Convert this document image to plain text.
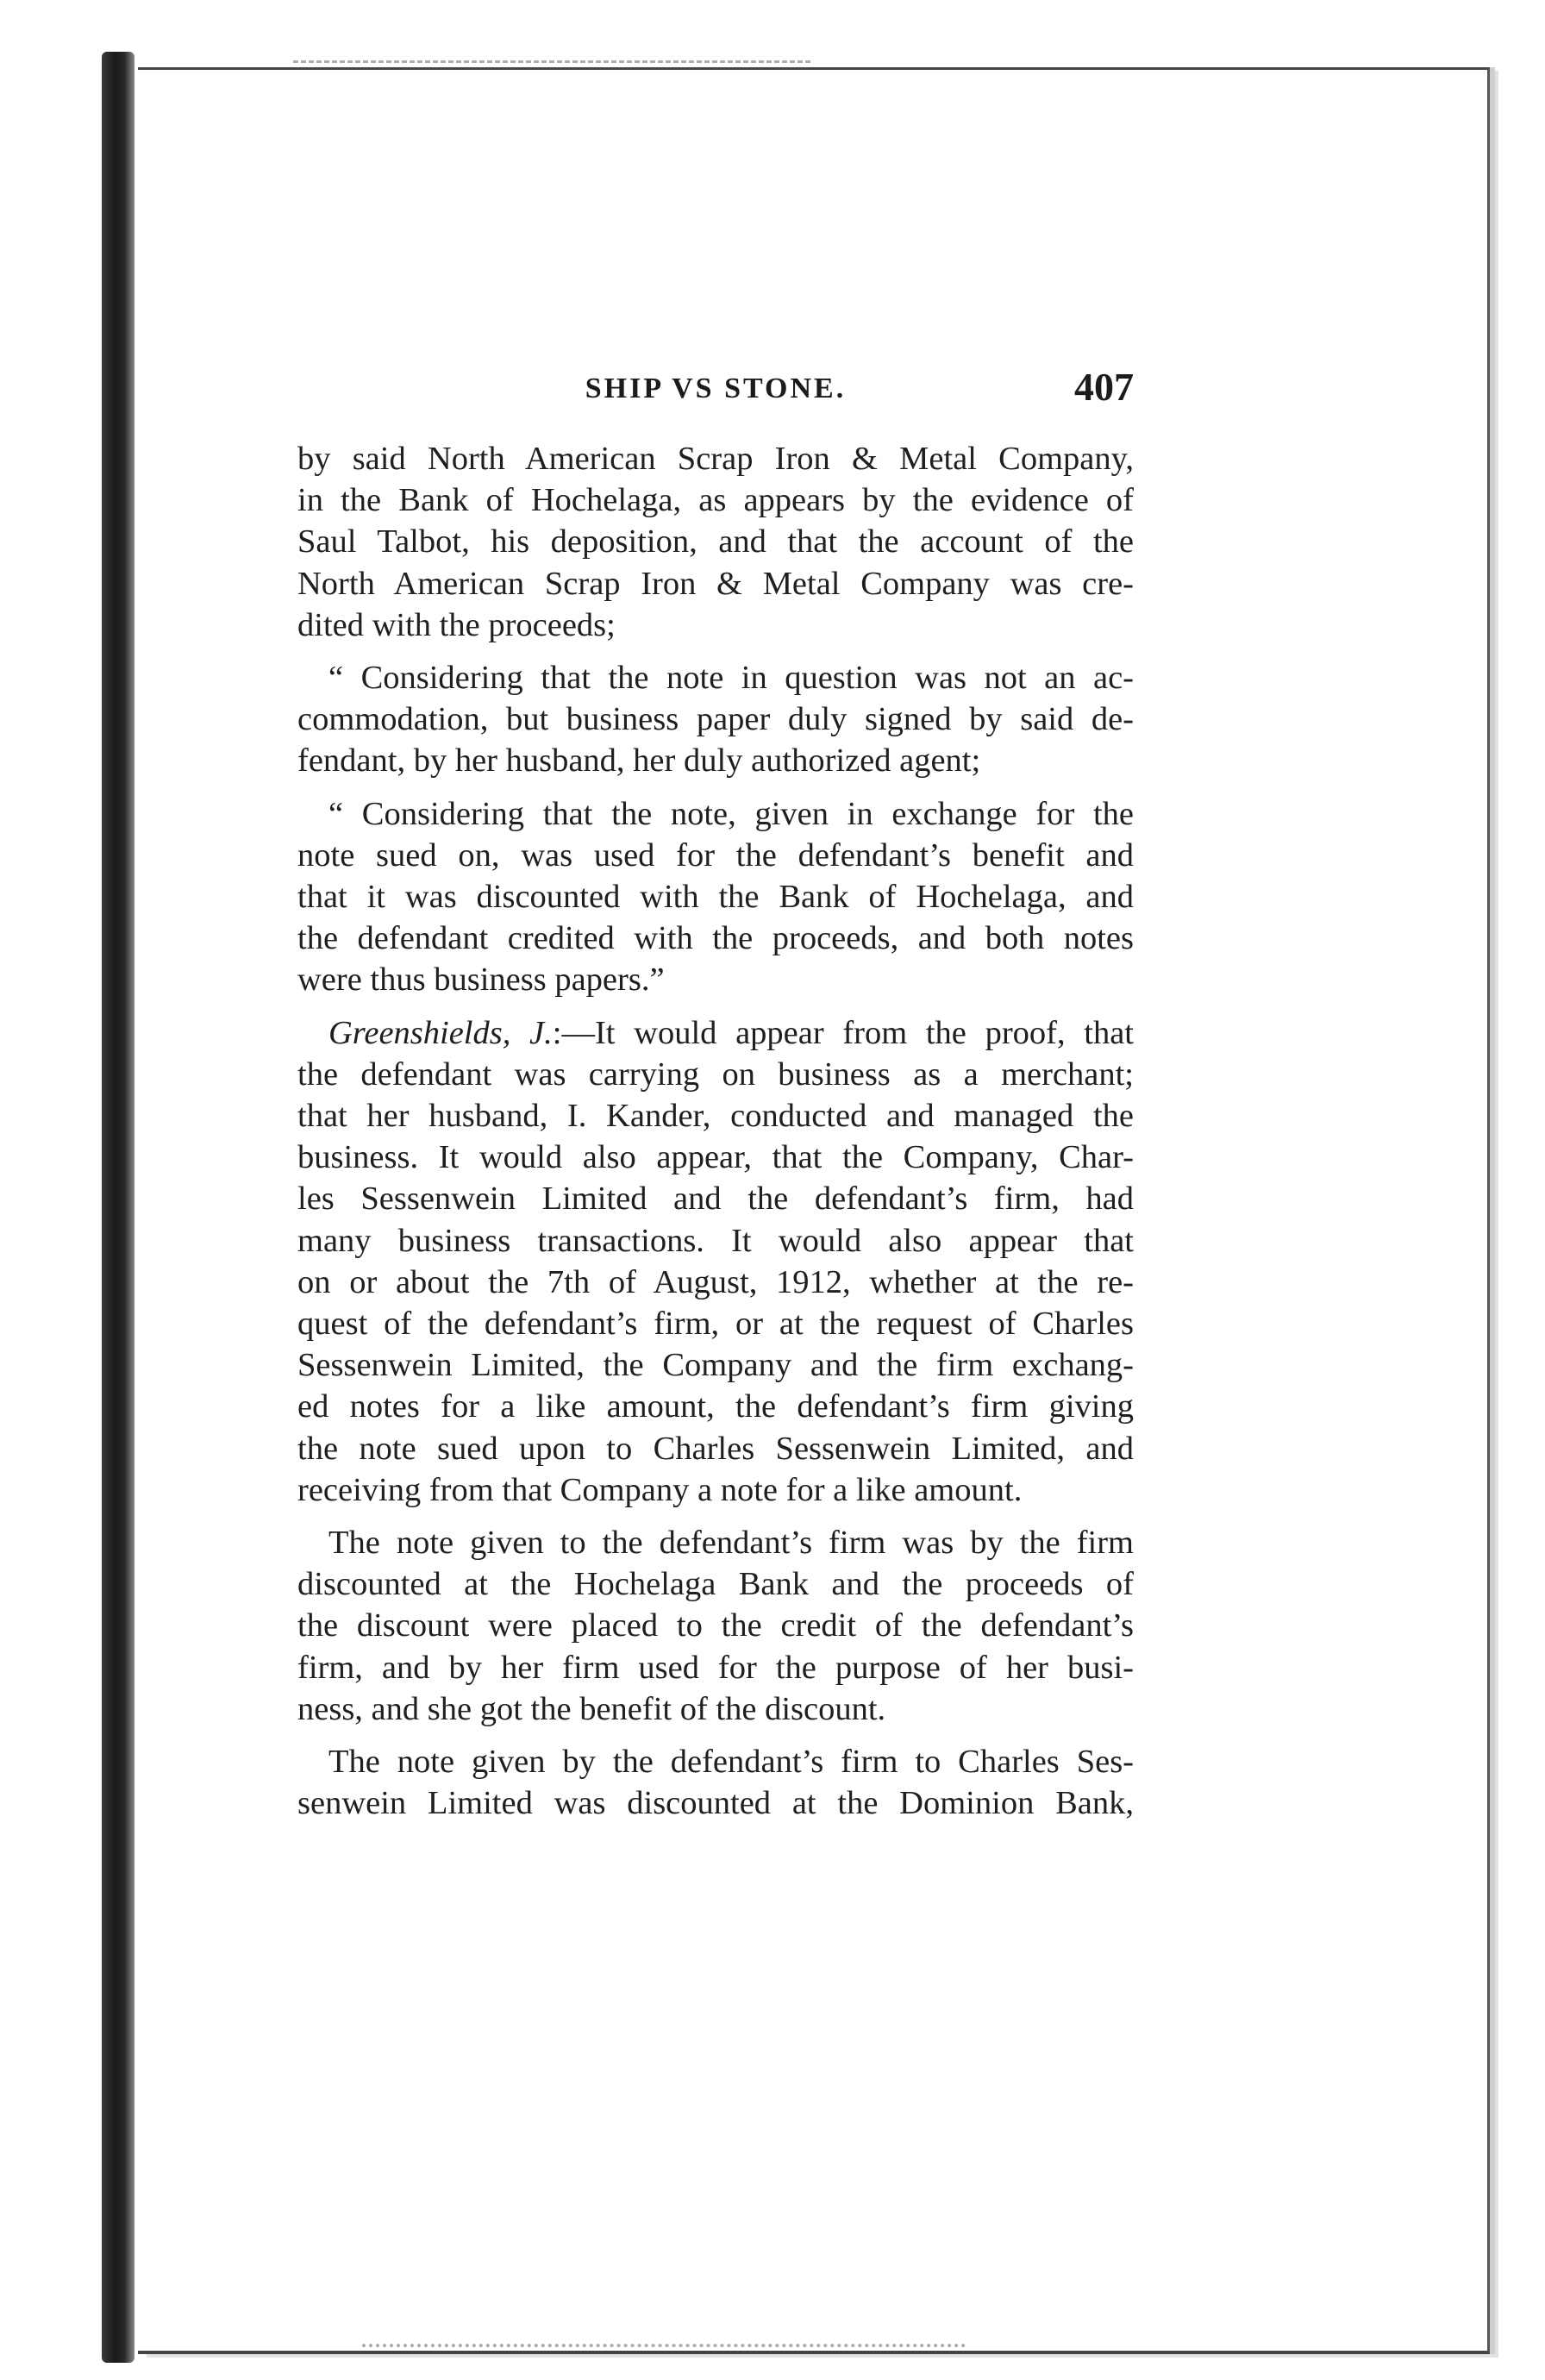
SHIP VS STONE.	407

by said North American Scrap Iron & Metal Company,
in the Bank of Hochelaga, as appears by the evidence of
Saul Talbot, his deposition, and that the account of the
North American Scrap Iron & Metal Company was cre-
dited with the proceeds;

“ Considering that the note in question was not an ac-
commodation, but business paper duly signed by said de-
fendant, by her husband, her duly authorized agent;

“ Considering that the note, given in exchange for the
note sued on, was used for the defendant’s benefit and
that it was discounted with the Bank of Hochelaga, and
the defendant credited with the proceeds, and both notes
were thus business papers.”

Greenshields, J.:—It would appear from the proof, that
the defendant was carrying on business as a merchant;
that her husband, I. Kander, conducted and managed the
business. It would also appear, that the Company, Char-
les Sessenwein Limited and the defendant’s firm, had
many business transactions. It would also appear that
on or about the 7th of August, 1912, whether at the re-
quest of the defendant’s firm, or at the request of Charles
Sessenwein Limited, the Company and the firm exchang-
ed notes for a like amount, the defendant’s firm giving
the note sued upon to Charles Sessenwein Limited, and
receiving from that Company a note for a like amount.

The note given to the defendant’s firm was by the firm
discounted at the Hochelaga Bank and the proceeds of
the discount were placed to the credit of the defendant’s
firm, and by her firm used for the purpose of her busi-
ness, and she got the benefit of the discount.

The note given by the defendant’s firm to Charles Ses-
senwein Limited was discounted at the Dominion Bank,
